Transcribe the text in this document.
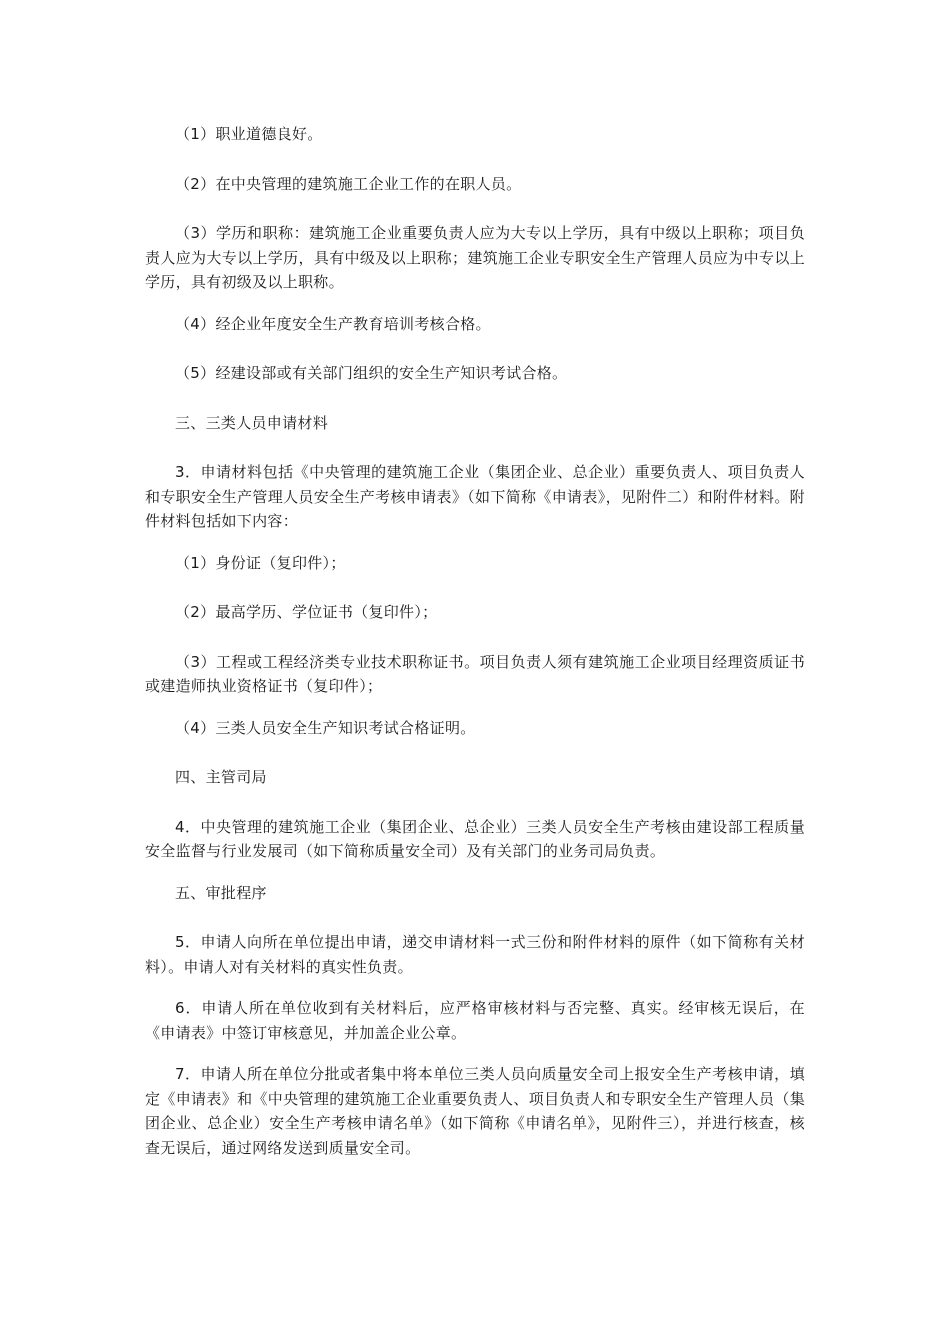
（1）职业道德良好。

（2）在中央管理的建筑施工企业工作的在职人员。

（3）学历和职称：建筑施工企业重要负责人应为大专以上学历，具有中级以上职称；项目负责人应为大专以上学历，具有中级及以上职称；建筑施工企业专职安全生产管理人员应为中专以上学历，具有初级及以上职称。

（4）经企业年度安全生产教育培训考核合格。

（5）经建设部或有关部门组织的安全生产知识考试合格。

三、三类人员申请材料

3．申请材料包括《中央管理的建筑施工企业（集团企业、总企业）重要负责人、项目负责人和专职安全生产管理人员安全生产考核申请表》（如下简称《申请表》，见附件二）和附件材料。附件材料包括如下内容：

（1）身份证（复印件）；

（2）最高学历、学位证书（复印件）；

（3）工程或工程经济类专业技术职称证书。项目负责人须有建筑施工企业项目经理资质证书或建造师执业资格证书（复印件）；

（4）三类人员安全生产知识考试合格证明。

四、主管司局

4．中央管理的建筑施工企业（集团企业、总企业）三类人员安全生产考核由建设部工程质量安全监督与行业发展司（如下简称质量安全司）及有关部门的业务司局负责。

五、审批程序

5．申请人向所在单位提出申请，递交申请材料一式三份和附件材料的原件（如下简称有关材料）。申请人对有关材料的真实性负责。

6．申请人所在单位收到有关材料后，应严格审核材料与否完整、真实。经审核无误后，在《申请表》中签订审核意见，并加盖企业公章。

7．申请人所在单位分批或者集中将本单位三类人员向质量安全司上报安全生产考核申请，填定《申请表》和《中央管理的建筑施工企业重要负责人、项目负责人和专职安全生产管理人员（集团企业、总企业）安全生产考核申请名单》（如下简称《申请名单》，见附件三），并进行核查，核查无误后，通过网络发送到质量安全司。
